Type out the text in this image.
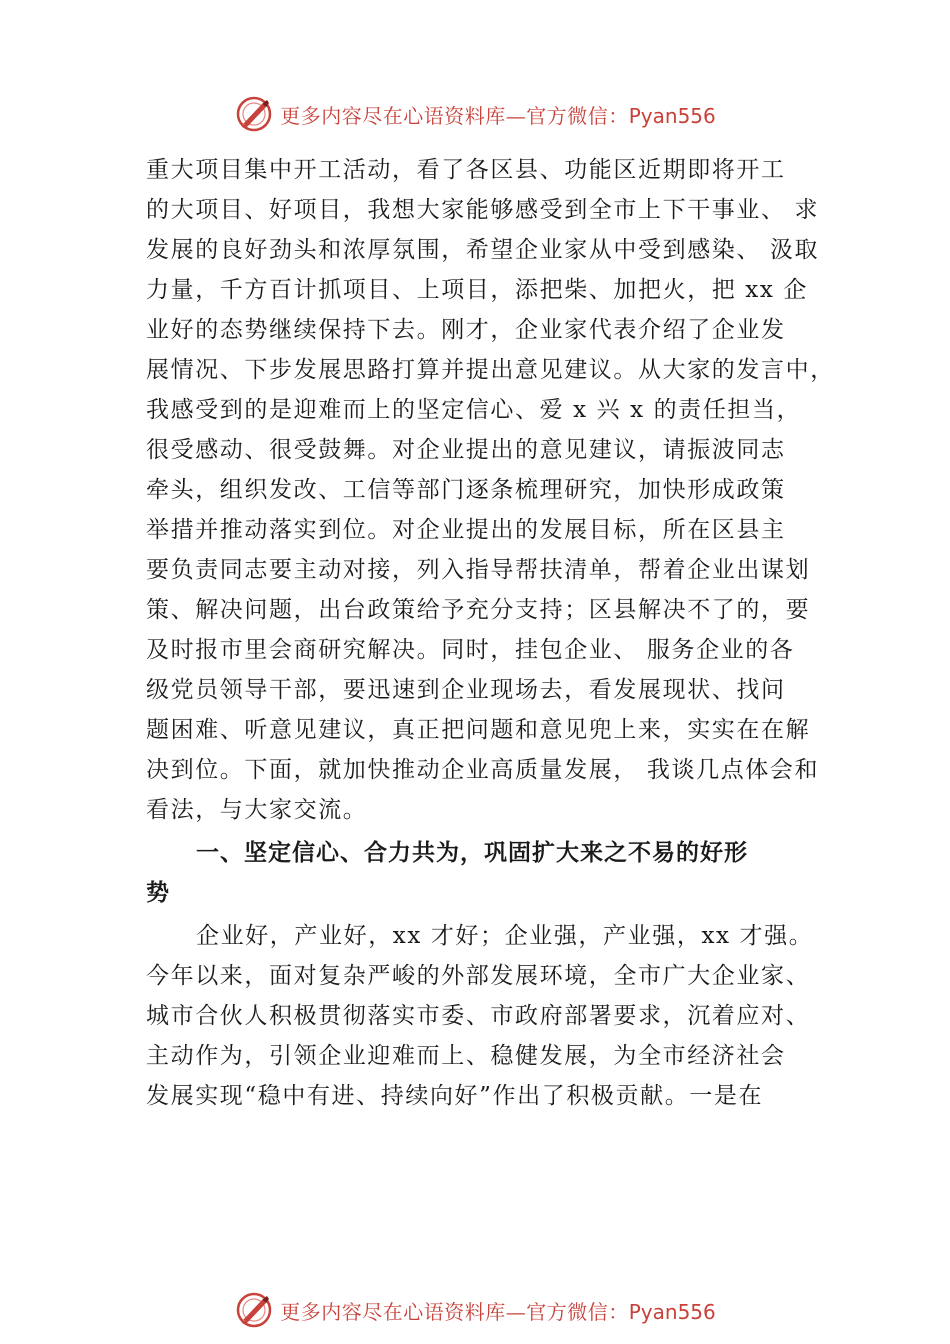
更多内容尽在心语资料库—官方微信：Pyan556
重大项目集中开工活动，看了各区县、功能区近期即将开工
的大项目、好项目，我想大家能够感受到全市上下干事业、 求
发展的良好劲头和浓厚氛围，希望企业家从中受到感染、 汲取
力量，千方百计抓项目、上项目，添把柴、加把火，把 xx 企
业好的态势继续保持下去。刚才，企业家代表介绍了企业发
展情况、下步发展思路打算并提出意见建议。从大家的发言中，
我感受到的是迎难而上的坚定信心、爱 x 兴 x 的责任担当，
很受感动、很受鼓舞。对企业提出的意见建议，请振波同志
牵头，组织发改、工信等部门逐条梳理研究，加快形成政策
举措并推动落实到位。对企业提出的发展目标，所在区县主
要负责同志要主动对接，列入指导帮扶清单，帮着企业出谋划
策、解决问题，出台政策给予充分支持；区县解决不了的，要
及时报市里会商研究解决。同时，挂包企业、 服务企业的各
级党员领导干部，要迅速到企业现场去，看发展现状、找问
题困难、听意见建议，真正把问题和意见兜上来，实实在在解
决到位。下面，就加快推动企业高质量发展， 我谈几点体会和
看法，与大家交流。
一、坚定信心、合力共为，巩固扩大来之不易的好形
势
企业好，产业好，xx 才好；企业强，产业强，xx 才强。
今年以来，面对复杂严峻的外部发展环境，全市广大企业家、
城市合伙人积极贯彻落实市委、市政府部署要求，沉着应对、
主动作为，引领企业迎难而上、稳健发展，为全市经济社会
发展实现“稳中有进、持续向好”作出了积极贡献。一是在
更多内容尽在心语资料库—官方微信：Pyan556
